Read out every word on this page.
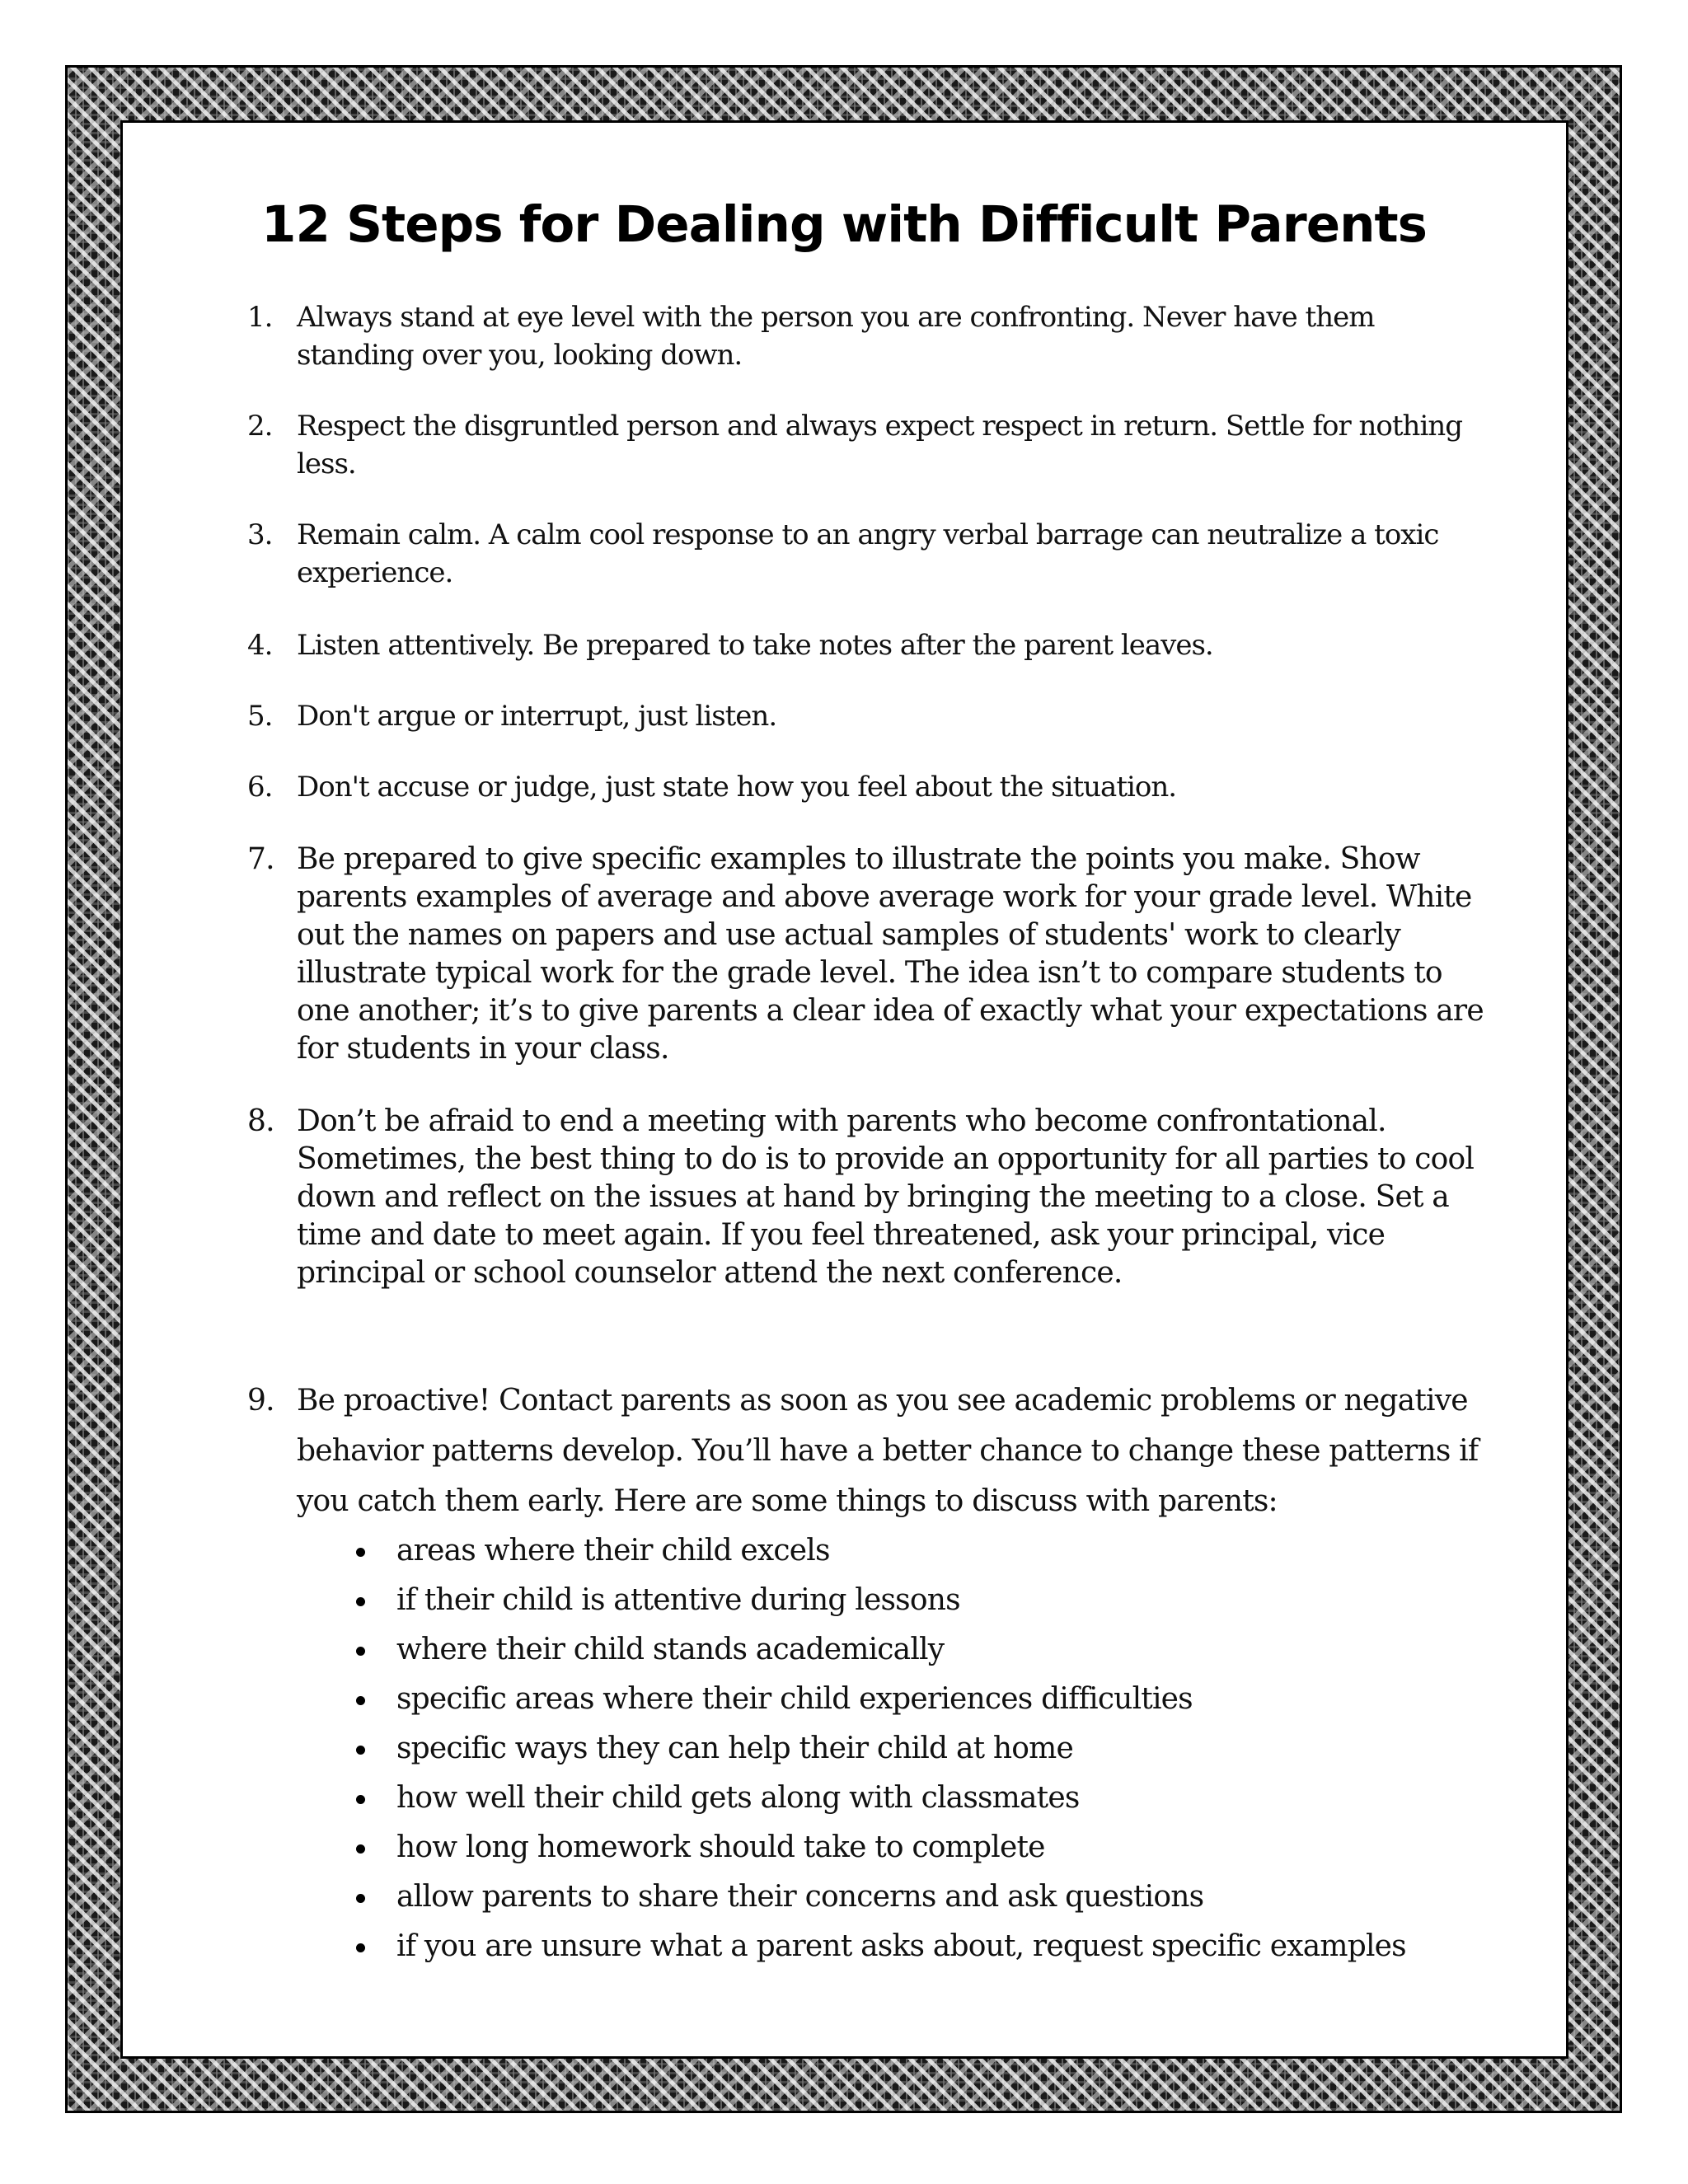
12 Steps for Dealing with Difficult Parents
1. Always stand at eye level with the person you are confronting. Never have them standing over you, looking down.
2. Respect the disgruntled person and always expect respect in return. Settle for nothing less.
3. Remain calm. A calm cool response to an angry verbal barrage can neutralize a toxic experience.
4. Listen attentively. Be prepared to take notes after the parent leaves.
5. Don't argue or interrupt, just listen.
6. Don't accuse or judge, just state how you feel about the situation.
7. Be prepared to give specific examples to illustrate the points you make. Show parents examples of average and above average work for your grade level. White out the names on papers and use actual samples of students' work to clearly illustrate typical work for the grade level. The idea isn’t to compare students to one another; it’s to give parents a clear idea of exactly what your expectations are for students in your class.
8. Don’t be afraid to end a meeting with parents who become confrontational. Sometimes, the best thing to do is to provide an opportunity for all parties to cool down and reflect on the issues at hand by bringing the meeting to a close. Set a time and date to meet again. If you feel threatened, ask your principal, vice principal or school counselor attend the next conference.
9. Be proactive! Contact parents as soon as you see academic problems or negative behavior patterns develop. You’ll have a better chance to change these patterns if you catch them early. Here are some things to discuss with parents:
areas where their child excels
if their child is attentive during lessons
where their child stands academically
specific areas where their child experiences difficulties
specific ways they can help their child at home
how well their child gets along with classmates
how long homework should take to complete
allow parents to share their concerns and ask questions
if you are unsure what a parent asks about, request specific examples
